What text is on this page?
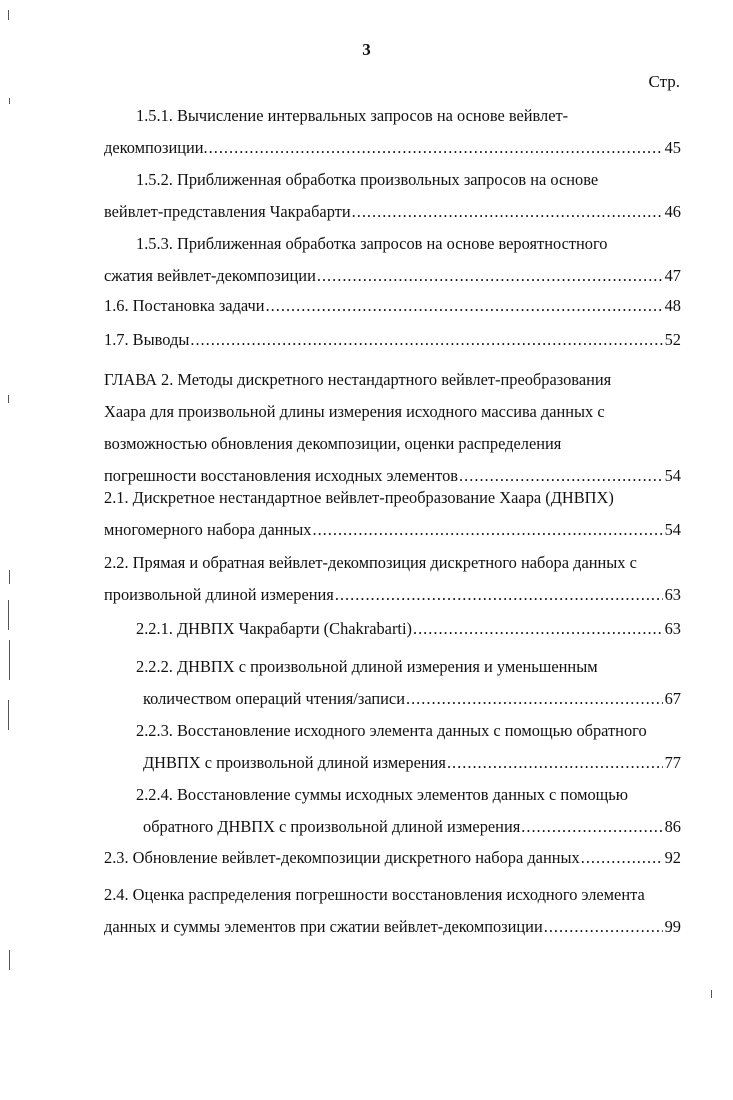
3
Стр.
1.5.1. Вычисление интервальных запросов на основе вейвлет-
декомпозиции. .....	45
1.5.2. Приближенная обработка произвольных запросов на основе
вейвлет-представления Чакрабарти .....	46
1.5.3. Приближенная обработка запросов на основе вероятностного
сжатия вейвлет-декомпозиции .....	47
1.6. Постановка задачи .....	48
1.7. Выводы .....	52
ГЛАВА 2. Методы дискретного нестандартного вейвлет-преобразования
Хаара для произвольной длины измерения исходного массива данных с
возможностью обновления декомпозиции, оценки распределения
погрешности восстановления исходных элементов .....	54
2.1. Дискретное нестандартное вейвлет-преобразование Хаара (ДНВПХ)
многомерного набора данных .....	54
2.2. Прямая и обратная вейвлет-декомпозиция дискретного набора данных с
произвольной длиной измерения .....	63
2.2.1. ДНВПХ Чакрабарти (Chakrabarti) .....	63
2.2.2. ДНВПХ с произвольной длиной измерения и уменьшенным
количеством операций чтения/записи .....	67
2.2.3. Восстановление исходного элемента данных с помощью обратного
ДНВПХ с произвольной длиной измерения .....	77
2.2.4. Восстановление суммы исходных элементов данных с помощью
обратного ДНВПХ с произвольной длиной измерения .....	86
2.3. Обновление вейвлет-декомпозиции дискретного набора данных .....	92
2.4. Оценка распределения погрешности восстановления исходного элемента
данных и суммы элементов при сжатии вейвлет-декомпозиции .....	99
